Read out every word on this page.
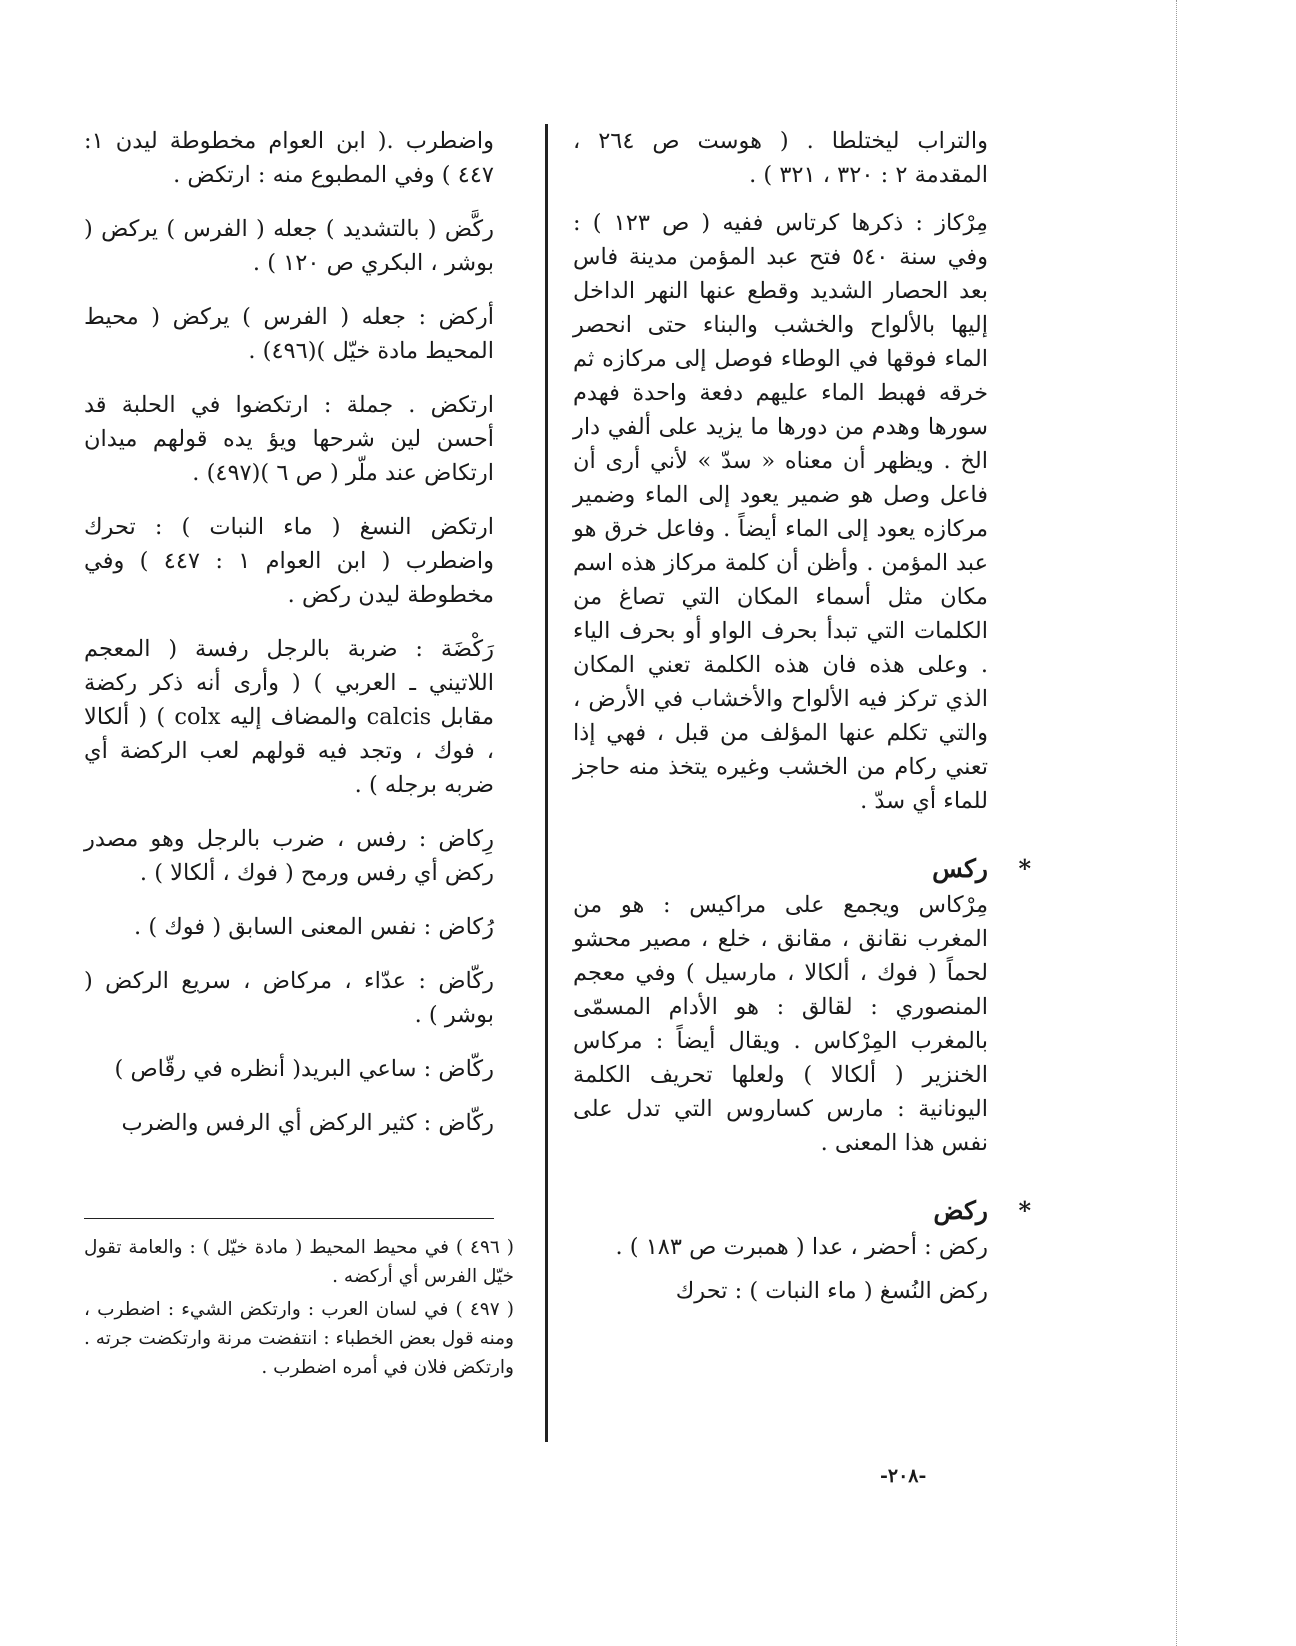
والتراب ليختلطا . ( هوست ص ٢٦٤ ، المقدمة ٢ : ٣٢٠ ، ٣٢١ ) .

مِرْكاز : ذكرها كرتاس ففيه ( ص ١٢٣ ) : وفي سنة ٥٤٠ فتح عبد المؤمن مدينة فاس بعد الحصار الشديد وقطع عنها النهر الداخل إليها بالألواح والخشب والبناء حتى انحصر الماء فوقها في الوطاء فوصل إلى مركازه ثم خرقه فهبط الماء عليهم دفعة واحدة فهدم سورها وهدم من دورها ما يزيد على ألفي دار الخ . ويظهر أن معناه « سدّ » لأني أرى أن فاعل وصل هو ضمير يعود إلى الماء وضمير مركازه يعود إلى الماء أيضاً . وفاعل خرق هو عبد المؤمن . وأظن أن كلمة مركاز هذه اسم مكان مثل أسماء المكان التي تصاغ من الكلمات التي تبدأ بحرف الواو أو بحرف الياء . وعلى هذه فان هذه الكلمة تعني المكان الذي تركز فيه الألواح والأخشاب في الأرض ، والتي تكلم عنها المؤلف من قبل ، فهي إذا تعني ركام من الخشب وغيره يتخذ منه حاجز للماء أي سدّ .

*
ركس

مِرْكاس ويجمع على مراكيس : هو من المغرب نقانق ، مقانق ، خلع ، مصير محشو لحماً ( فوك ، ألكالا ، مارسيل ) وفي معجم المنصوري : لقالق : هو الأدام المسمّى بالمغرب المِرْكاس . ويقال أيضاً : مركاس الخنزير ( ألكالا ) ولعلها تحريف الكلمة اليونانية : مارس كساروس التي تدل على نفس هذا المعنى .

*
ركض

ركض : أحضر ، عدا ( همبرت ص ١٨٣ ) .

ركض النُسغ ( ماء النبات ) : تحرك

واضطرب .( ابن العوام مخطوطة ليدن ١: ٤٤٧ ) وفي المطبوع منه : ارتكض .

ركَّض ( بالتشديد ) جعله ( الفرس ) يركض ( بوشر ، البكري ص ١٢٠ ) .

أركض : جعله ( الفرس ) يركض ( محيط المحيط مادة خيّل )(٤٩٦) .

ارتكض . جملة : ارتكضوا في الحلبة قد أحسن لين شرحها ويؤ يده قولهم ميدان ارتكاض عند ملّر ( ص ٦ )(٤٩٧) .

ارتكض النسغ ( ماء النبات ) : تحرك واضطرب ( ابن العوام ١ : ٤٤٧ ) وفي مخطوطة ليدن ركض .

رَكْضَة : ضربة بالرجل رفسة ( المعجم اللاتيني ـ العربي ) ( وأرى أنه ذكر ركضة مقابل calcis والمضاف إليه colx ) ( ألكالا ، فوك ، وتجد فيه قولهم لعب الركضة أي ضربه برجله ) .

رِكاض : رفس ، ضرب بالرجل وهو مصدر ركض أي رفس ورمح ( فوك ، ألكالا ) .

رُكاض : نفس المعنى السابق ( فوك ) .

ركّاض : عدّاء ، مركاض ، سريع الركض ( بوشر ) .

ركّاض : ساعي البريد( أنظره في رقّاص )

ركّاض : كثير الركض أي الرفس والضرب

( ٤٩٦ ) في محيط المحيط ( مادة خيّل ) : والعامة تقول خيّل الفرس أي أركضه .

( ٤٩٧ ) في لسان العرب : وارتكض الشيء : اضطرب ، ومنه قول بعض الخطباء : انتفضت مرنة وارتكضت جرته . وارتكض فلان في أمره اضطرب .

-٢٠٨-
